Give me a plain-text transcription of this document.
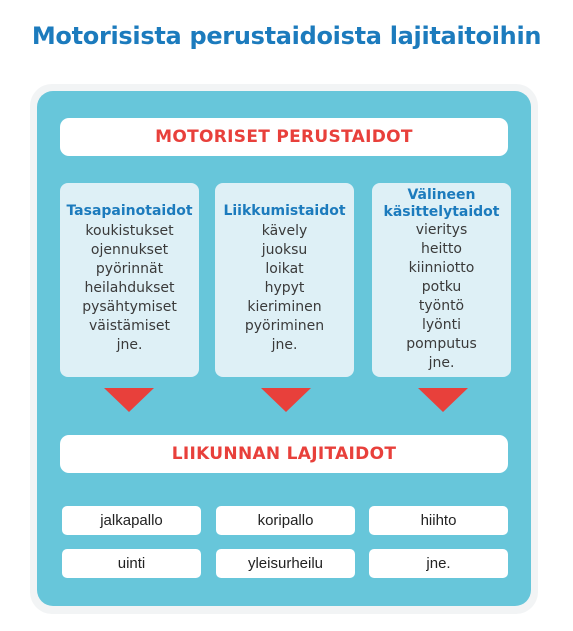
Motorisista perustaidoista lajitaitoihin
MOTORISET PERUSTAIDOT
Tasapainotaidot
koukistukset
ojennukset
pyörinnät
heilahdukset
pysähtymiset
väistämiset
jne.
Liikkumistaidot
kävely
juoksu
loikat
hypyt
kieriminen
pyöriminen
jne.
Välineen
käsittelytaidot
vieritys
heitto
kiinniotto
potku
työntö
lyönti
pomputus
jne.
LIIKUNNAN LAJITAIDOT
jalkapallo	koripallo	hiihto
uinti	yleisurheilu	jne.
